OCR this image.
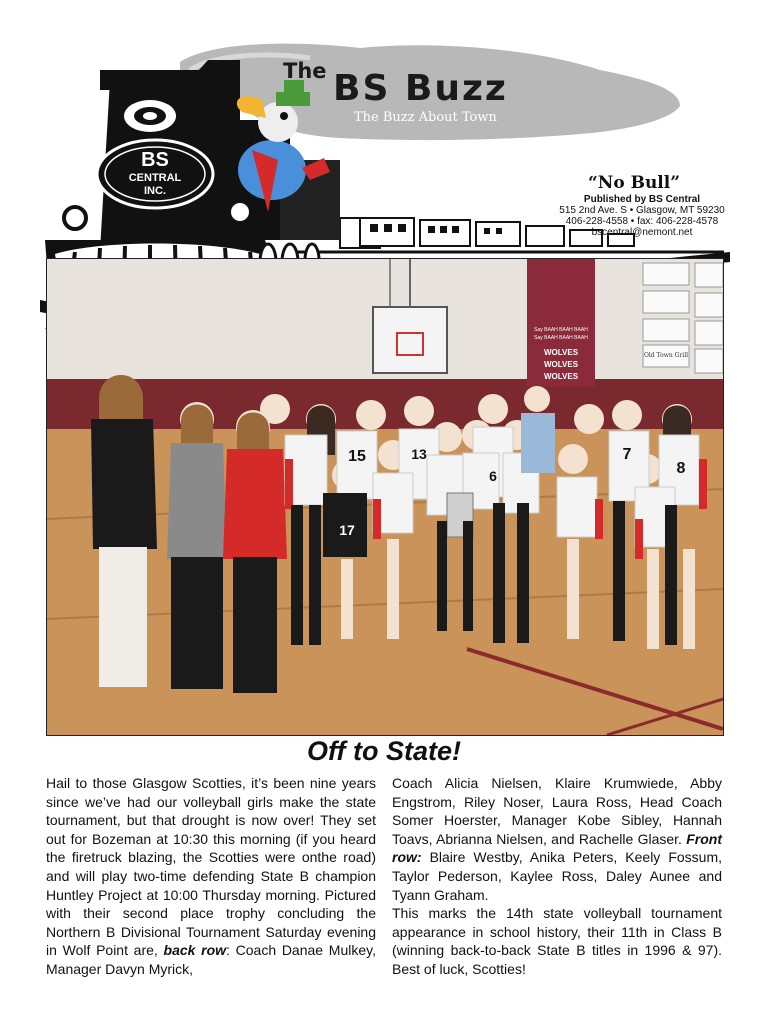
BS
CENTRAL
INC.
The BS Buzz
The Buzz About Town
“No Bull”
Published by BS Central
515 2nd Ave. S • Glasgow, MT 59230
406-228-4558 • fax: 406-228-4578
bscentral@nemont.net
Say BAAH BAAH BAAH
Say BAAH BAAH BAAH
WOLVES
WOLVES
WOLVES
Old Town Grill
15	13
6
7
8
17
Off to State!

Hail to those Glasgow Scotties, it’s been nine years since we’ve had our volleyball girls make the state tournament, but that drought is now over! They set out for Bozeman at 10:30 this morning (if you heard the firetruck blazing, the Scotties were onthe road) and will play two-time defending State B champion Huntley Project at 10:00 Thursday morning. Pictured with their second place trophy concluding the Northern B Divisional Tournament Saturday evening in Wolf Point are, back row: Coach Danae Mulkey, Manager Davyn Myrick,

Coach Alicia Nielsen, Klaire Krumwiede, Abby Engstrom, Riley Noser, Laura Ross, Head Coach Somer Hoerster, Manager Kobe Sibley, Hannah Toavs, Abrianna Nielsen, and Rachelle Glaser. Front row: Blaire Westby, Anika Peters, Keely Fossum, Taylor Pederson, Kaylee Ross, Daley Aunee and Tyann Graham.

This marks the 14th state volleyball tournament appearance in school history, their 11th in Class B (winning back-to-back State B titles in 1996 & 97). Best of luck, Scotties!
